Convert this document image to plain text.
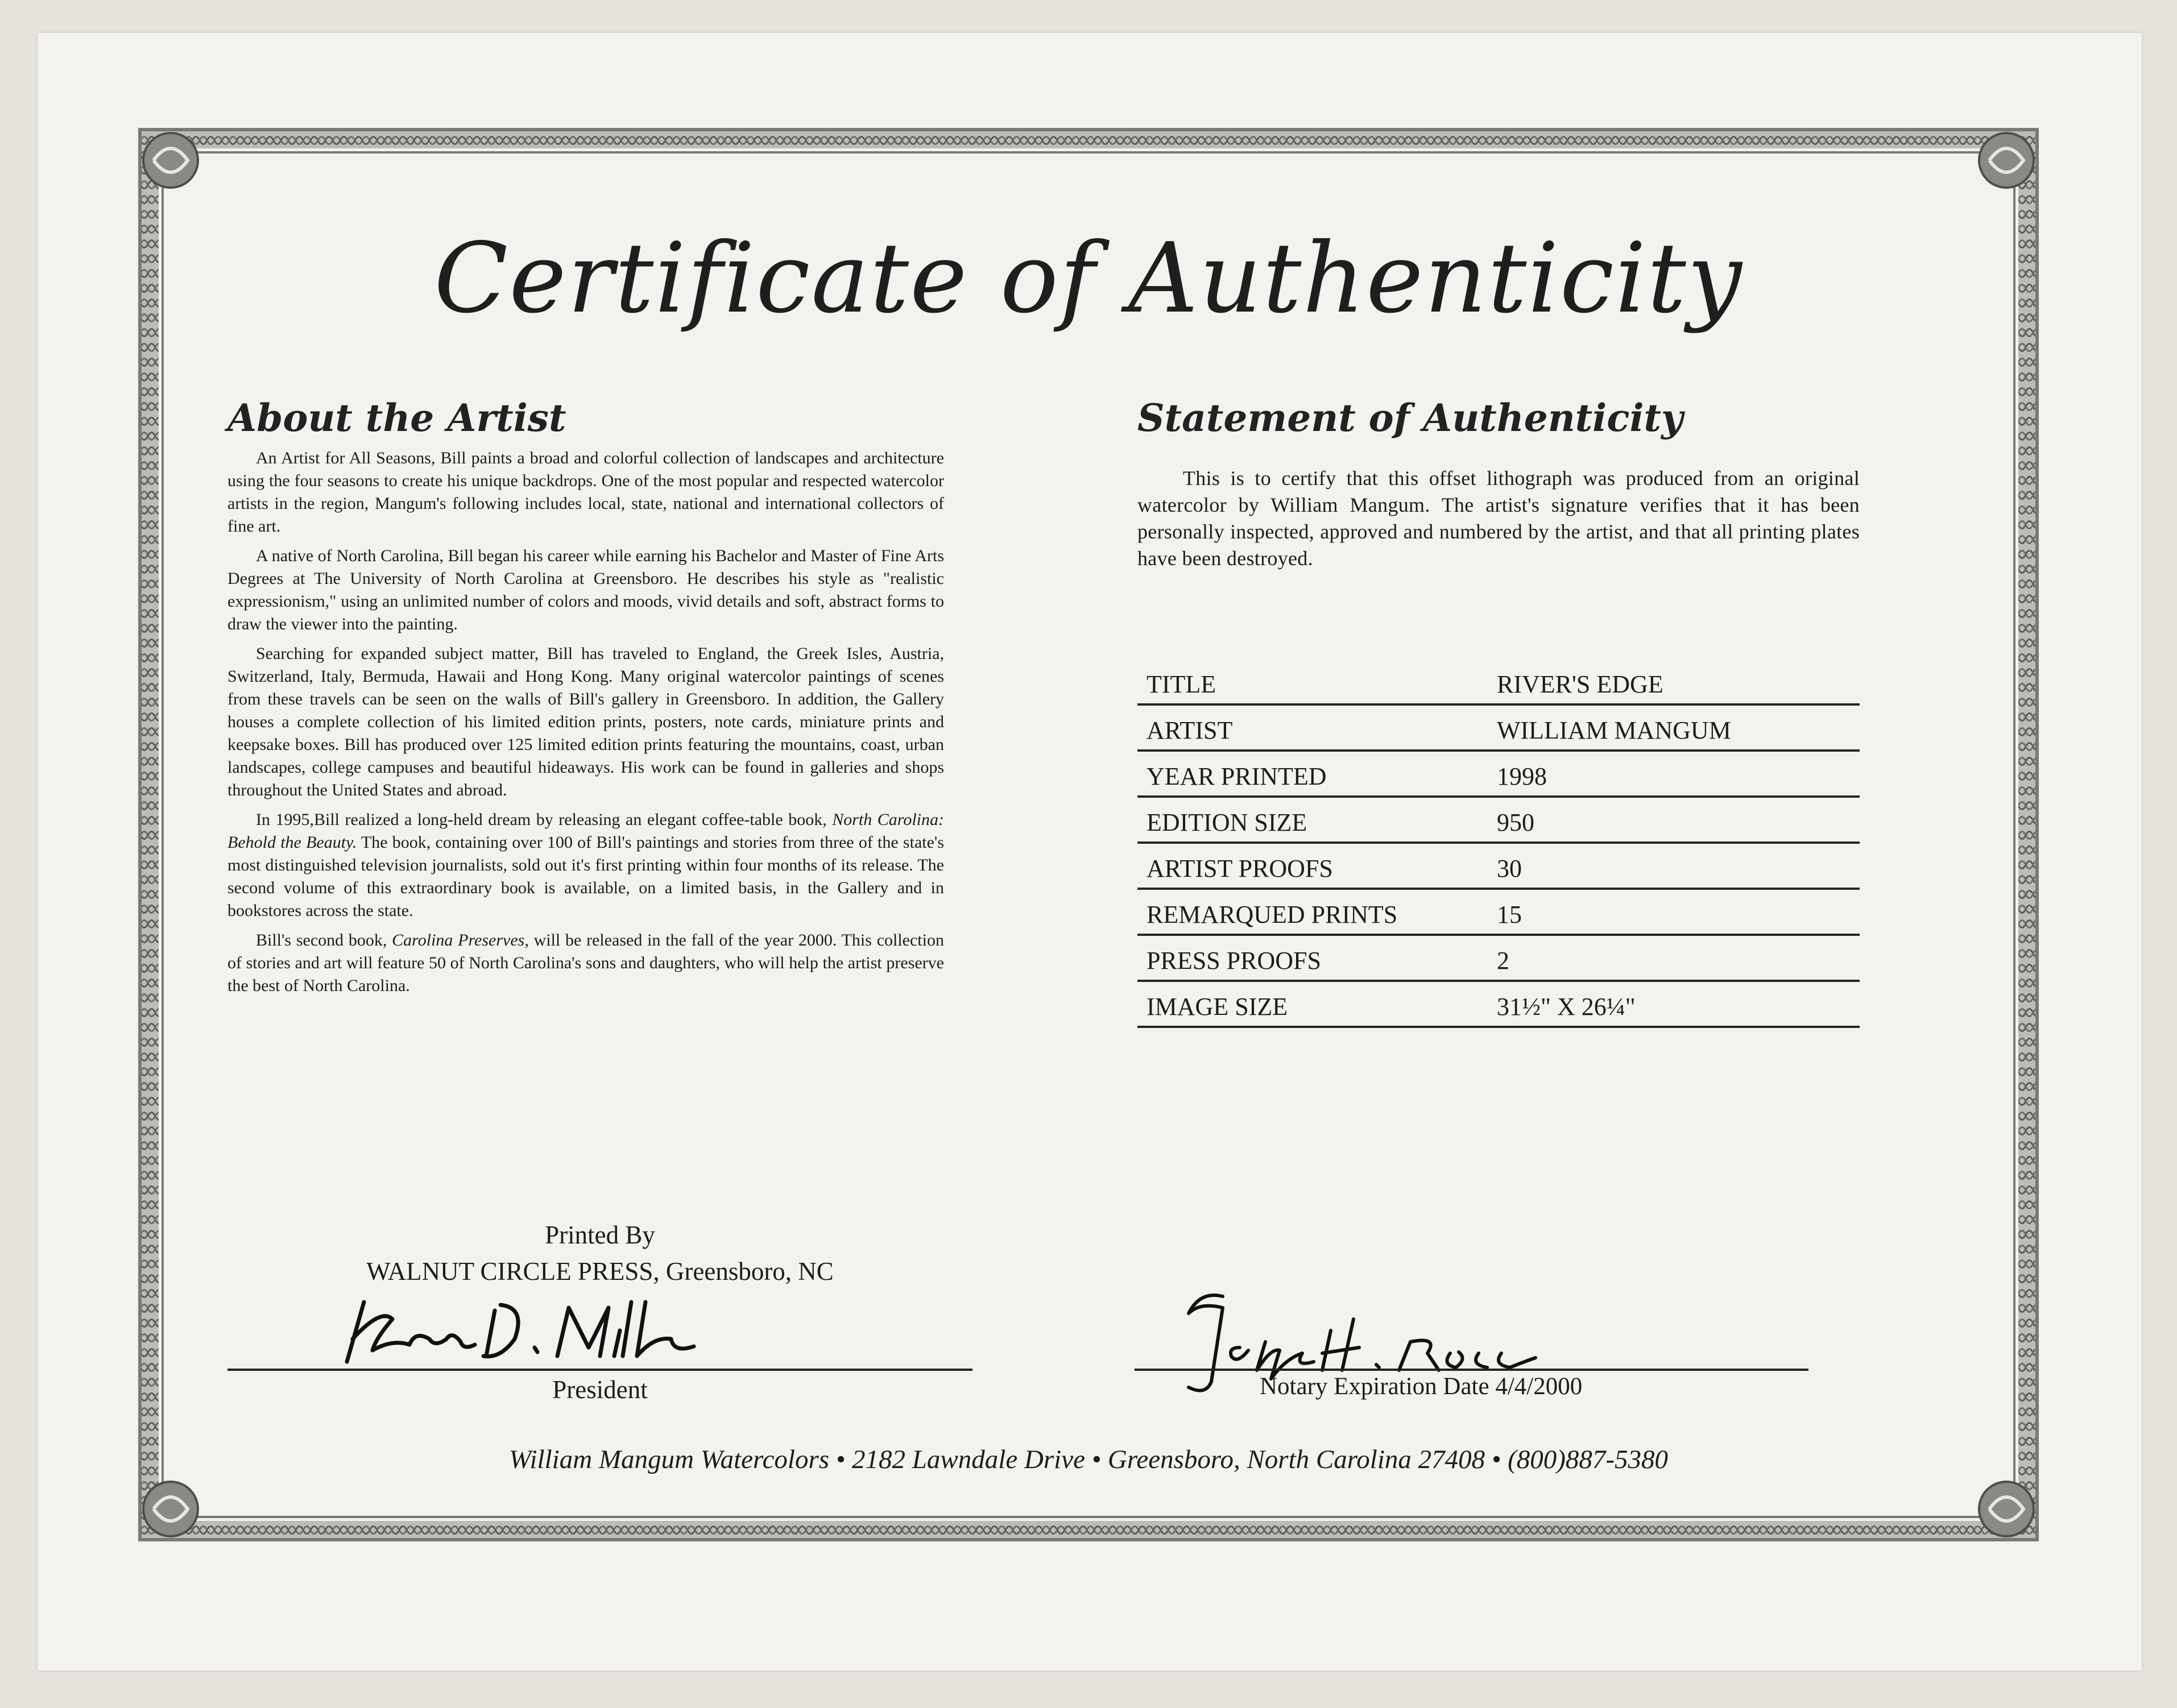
Certificate of Authenticity
About the Artist

An Artist for All Seasons, Bill paints a broad and colorful collection of landscapes and architecture using the four seasons to create his unique backdrops. One of the most popular and respected watercolor artists in the region, Mangum's following includes local, state, national and international collectors of fine art.

A native of North Carolina, Bill began his career while earning his Bachelor and Master of Fine Arts Degrees at The University of North Carolina at Greensboro. He describes his style as "realistic expressionism," using an unlimited number of colors and moods, vivid details and soft, abstract forms to draw the viewer into the painting.

Searching for expanded subject matter, Bill has traveled to England, the Greek Isles, Austria, Switzerland, Italy, Bermuda, Hawaii and Hong Kong. Many original watercolor paintings of scenes from these travels can be seen on the walls of Bill's gallery in Greensboro. In addition, the Gallery houses a complete collection of his limited edition prints, posters, note cards, miniature prints and keepsake boxes. Bill has produced over 125 limited edition prints featuring the mountains, coast, urban landscapes, college campuses and beautiful hideaways. His work can be found in galleries and shops throughout the United States and abroad.

In 1995,Bill realized a long-held dream by releasing an elegant coffee-table book, North Carolina: Behold the Beauty. The book, containing over 100 of Bill's paintings and stories from three of the state's most distinguished television journalists, sold out it's first printing within four months of its release. The second volume of this extraordinary book is available, on a limited basis, in the Gallery and in bookstores across the state.

Bill's second book, Carolina Preserves, will be released in the fall of the year 2000. This collection of stories and art will feature 50 of North Carolina's sons and daughters, who will help the artist preserve the best of North Carolina.

Statement of Authenticity

This is to certify that this offset lithograph was produced from an original watercolor by William Mangum. The artist's signature verifies that it has been personally inspected, approved and numbered by the artist, and that all printing plates have been destroyed.

TITLE	RIVER'S EDGE
ARTIST	WILLIAM MANGUM
YEAR PRINTED	1998
EDITION SIZE	950
ARTIST PROOFS	30
REMARQUED PRINTS	15
PRESS PROOFS	2
IMAGE SIZE	31½" X 26¼"
Printed By
WALNUT CIRCLE PRESS, Greensboro, NC
President	Notary Expiration Date 4/4/2000
William Mangum Watercolors • 2182 Lawndale Drive • Greensboro, North Carolina 27408 • (800)887-5380
